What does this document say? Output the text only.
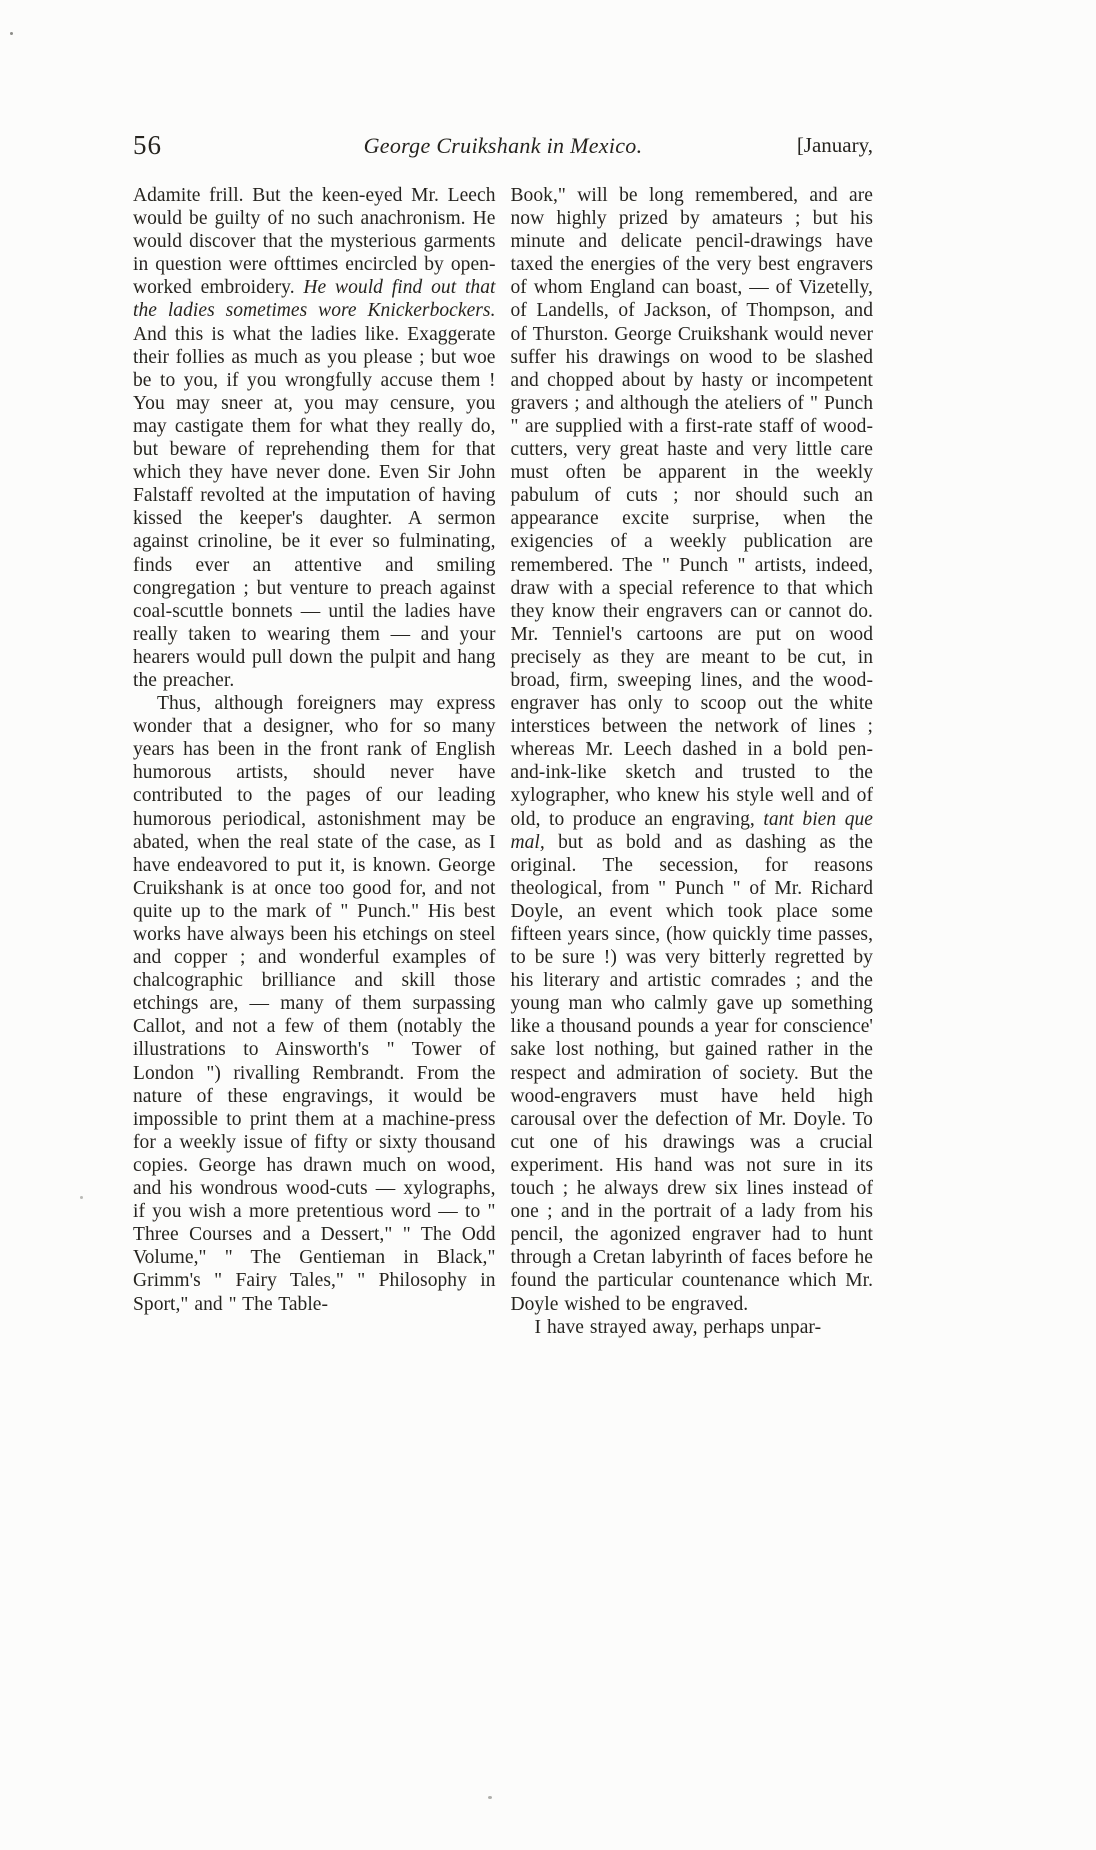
56	George Cruikshank in Mexico.	[January,

Adamite frill. But the keen-eyed Mr. Leech would be guilty of no such anachronism. He would discover that the mysterious garments in question were ofttimes encircled by open-worked embroidery. He would find out that the ladies sometimes wore Knickerbockers. And this is what the ladies like. Exaggerate their follies as much as you please ; but woe be to you, if you wrongfully accuse them ! You may sneer at, you may censure, you may castigate them for what they really do, but beware of reprehending them for that which they have never done. Even Sir John Falstaff revolted at the imputation of having kissed the keeper's daughter. A sermon against crinoline, be it ever so fulminating, finds ever an attentive and smiling congregation ; but venture to preach against coal-scuttle bonnets — until the ladies have really taken to wearing them — and your hearers would pull down the pulpit and hang the preacher.

Thus, although foreigners may express wonder that a designer, who for so many years has been in the front rank of English humorous artists, should never have contributed to the pages of our leading humorous periodical, astonishment may be abated, when the real state of the case, as I have endeavored to put it, is known. George Cruikshank is at once too good for, and not quite up to the mark of " Punch." His best works have always been his etchings on steel and copper ; and wonderful examples of chalcographic brilliance and skill those etchings are, — many of them surpassing Callot, and not a few of them (notably the illustrations to Ainsworth's " Tower of London ") rivalling Rembrandt. From the nature of these engravings, it would be impossible to print them at a machine-press for a weekly issue of fifty or sixty thousand copies. George has drawn much on wood, and his wondrous wood-cuts — xylographs, if you wish a more pretentious word — to " Three Courses and a Dessert," " The Odd Volume," " The Gentieman in Black," Grimm's " Fairy Tales," " Philosophy in Sport," and " The Table-

Book," will be long remembered, and are now highly prized by amateurs ; but his minute and delicate pencil-drawings have taxed the energies of the very best engravers of whom England can boast, — of Vizetelly, of Landells, of Jackson, of Thompson, and of Thurston. George Cruikshank would never suffer his drawings on wood to be slashed and chopped about by hasty or incompetent gravers ; and although the ateliers of " Punch " are supplied with a first-rate staff of wood-cutters, very great haste and very little care must often be apparent in the weekly pabulum of cuts ; nor should such an appearance excite surprise, when the exigencies of a weekly publication are remembered. The " Punch " artists, indeed, draw with a special reference to that which they know their engravers can or cannot do. Mr. Tenniel's cartoons are put on wood precisely as they are meant to be cut, in broad, firm, sweeping lines, and the wood-engraver has only to scoop out the white interstices between the network of lines ; whereas Mr. Leech dashed in a bold pen-and-ink-like sketch and trusted to the xylographer, who knew his style well and of old, to produce an engraving, tant bien que mal, but as bold and as dashing as the original. The secession, for reasons theological, from " Punch " of Mr. Richard Doyle, an event which took place some fifteen years since, (how quickly time passes, to be sure !) was very bitterly regretted by his literary and artistic comrades ; and the young man who calmly gave up something like a thousand pounds a year for conscience' sake lost nothing, but gained rather in the respect and admiration of society. But the wood-engravers must have held high carousal over the defection of Mr. Doyle. To cut one of his drawings was a crucial experiment. His hand was not sure in its touch ; he always drew six lines instead of one ; and in the portrait of a lady from his pencil, the agonized engraver had to hunt through a Cretan labyrinth of faces before he found the particular countenance which Mr. Doyle wished to be engraved.

I have strayed away, perhaps unpar-
